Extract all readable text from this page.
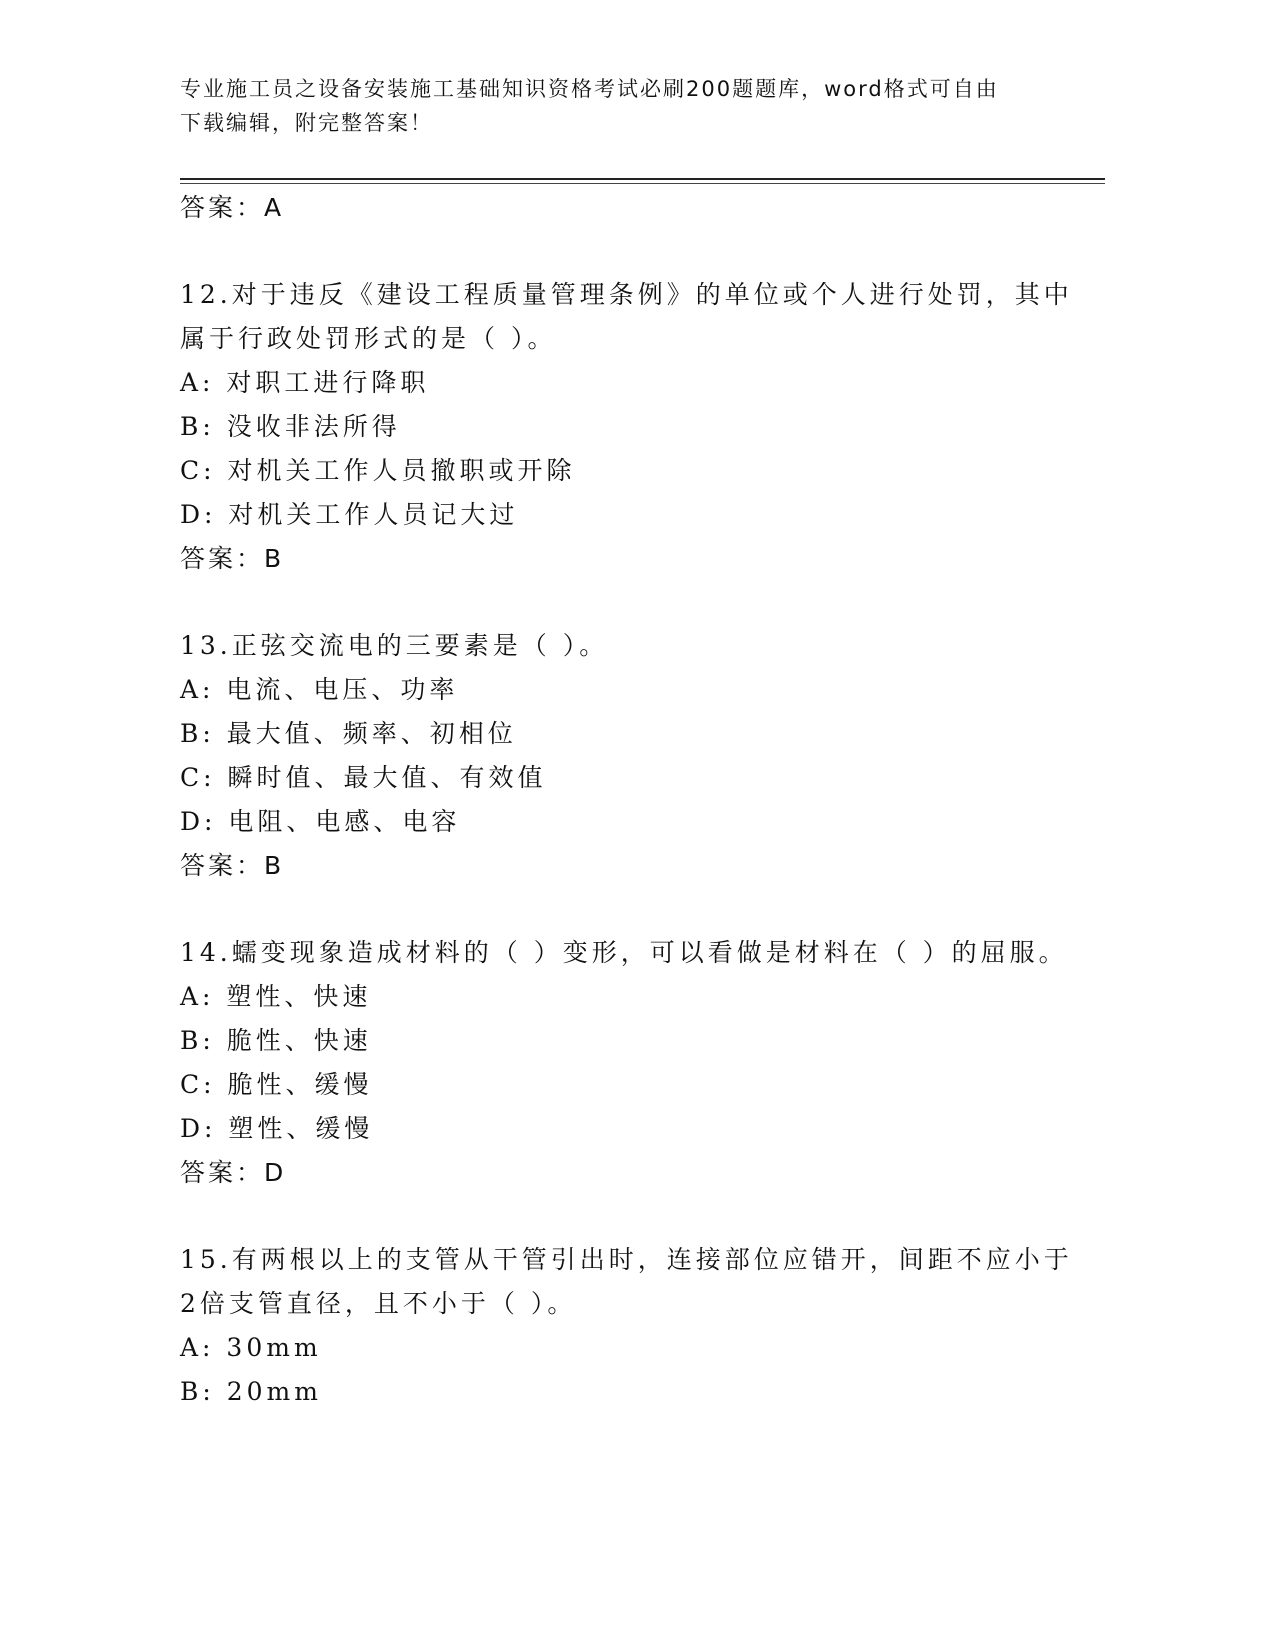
专业施工员之设备安装施工基础知识资格考试必刷200题题库，word格式可自由
下载编辑，附完整答案！
答案：A
12.对于违反《建设工程质量管理条例》的单位或个人进行处罚，其中
属于行政处罚形式的是（ ）。
A: 对职工进行降职
B: 没收非法所得
C: 对机关工作人员撤职或开除
D: 对机关工作人员记大过
答案：B
13.正弦交流电的三要素是（ ）。
A: 电流、电压、功率
B: 最大值、频率、初相位
C: 瞬时值、最大值、有效值
D: 电阻、电感、电容
答案：B
14.蠕变现象造成材料的（ ）变形，可以看做是材料在（ ）的屈服。
A: 塑性、快速
B: 脆性、快速
C: 脆性、缓慢
D: 塑性、缓慢
答案：D
15.有两根以上的支管从干管引出时，连接部位应错开，间距不应小于
2倍支管直径，且不小于（ ）。
A: 30mm
B: 20mm
